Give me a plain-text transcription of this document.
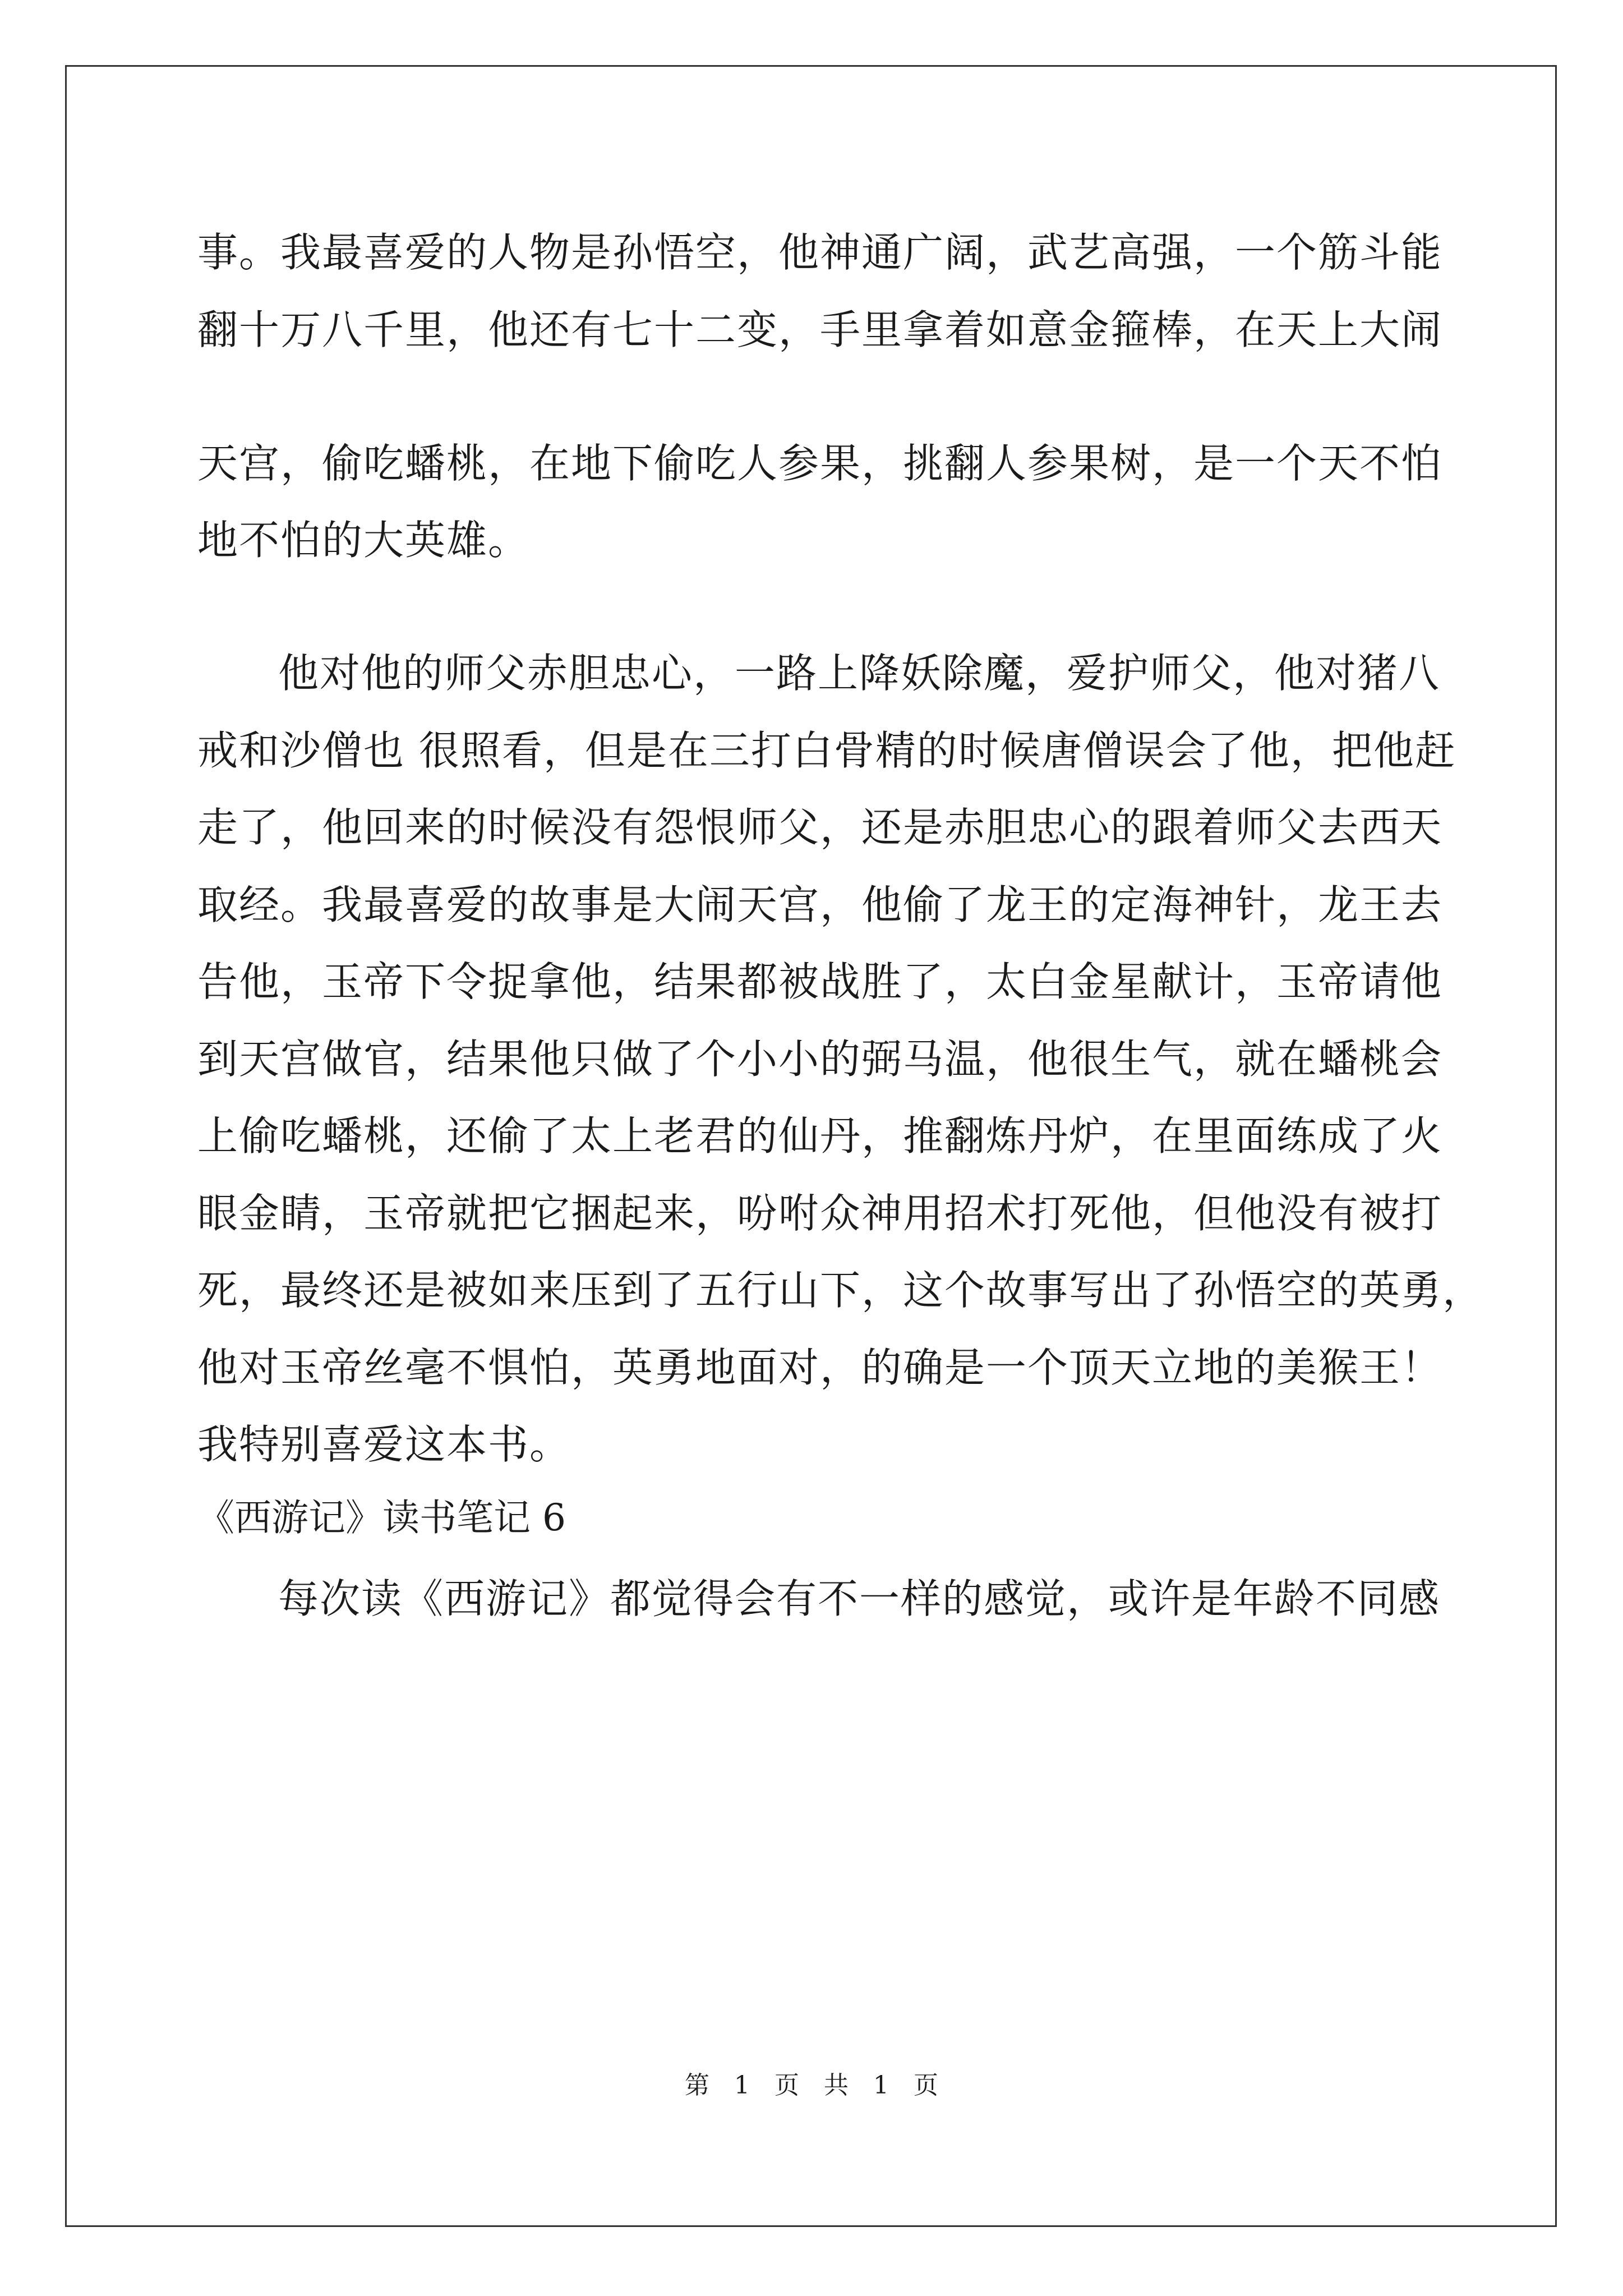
事。我最喜爱的人物是孙悟空，他神通广阔，武艺高强，一个筋斗能
翻十万八千里，他还有七十二变，手里拿着如意金箍棒，在天上大闹
天宫，偷吃蟠桃，在地下偷吃人参果，挑翻人参果树，是一个天不怕
地不怕的大英雄。
他对他的师父赤胆忠心，一路上降妖除魔，爱护师父，他对猪八
戒和沙僧也 很照看，但是在三打白骨精的时候唐僧误会了他，把他赶
走了，他回来的时候没有怨恨师父，还是赤胆忠心的跟着师父去西天
取经。我最喜爱的故事是大闹天宫，他偷了龙王的定海神针，龙王去
告他，玉帝下令捉拿他，结果都被战胜了，太白金星献计，玉帝请他
到天宫做官，结果他只做了个小小的弼马温，他很生气，就在蟠桃会
上偷吃蟠桃，还偷了太上老君的仙丹，推翻炼丹炉，在里面练成了火
眼金睛，玉帝就把它捆起来，吩咐众神用招术打死他，但他没有被打
死，最终还是被如来压到了五行山下，这个故事写出了孙悟空的英勇，
他对玉帝丝毫不惧怕，英勇地面对，的确是一个顶天立地的美猴王！
我特别喜爱这本书。
《西游记》读书笔记 6
每次读《西游记》都觉得会有不一样的感觉，或许是年龄不同感
第 1 页 共 1 页
